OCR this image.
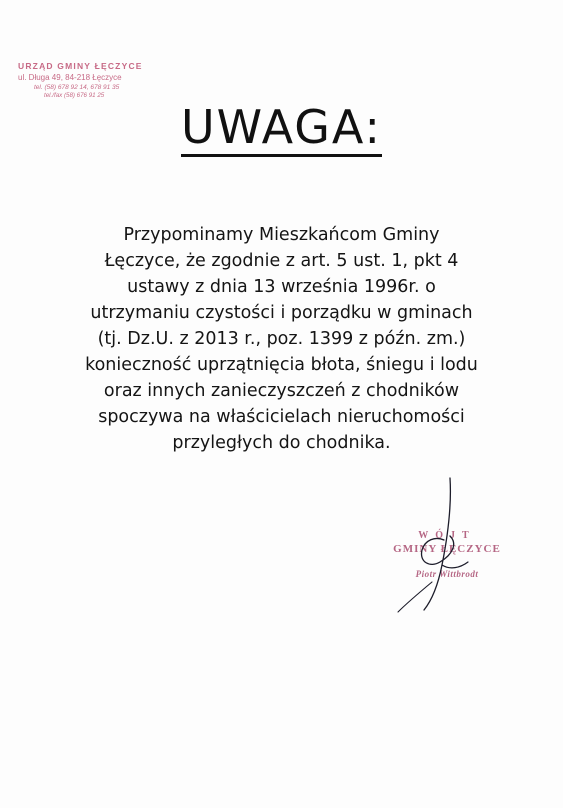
URZĄD GMINY ŁĘCZYCE
ul. Długa 49, 84-218 Łęczyce
tel. (58) 678 92 14, 678 91 35
tel./fax (58) 676 91 25
UWAGA:
Przypominamy Mieszkańcom Gminy
Łęczyce, że zgodnie z art. 5 ust. 1, pkt 4
ustawy z dnia 13 września 1996r. o
utrzymaniu czystości i porządku w gminach
(tj. Dz.U. z 2013 r., poz. 1399 z późn. zm.)
konieczność uprzątnięcia błota, śniegu i lodu
oraz innych zanieczyszczeń z chodników
spoczywa na właścicielach nieruchomości
przyległych do chodnika.
WÓJT
GMINY ŁĘCZYCE
Piotr Wittbrodt
